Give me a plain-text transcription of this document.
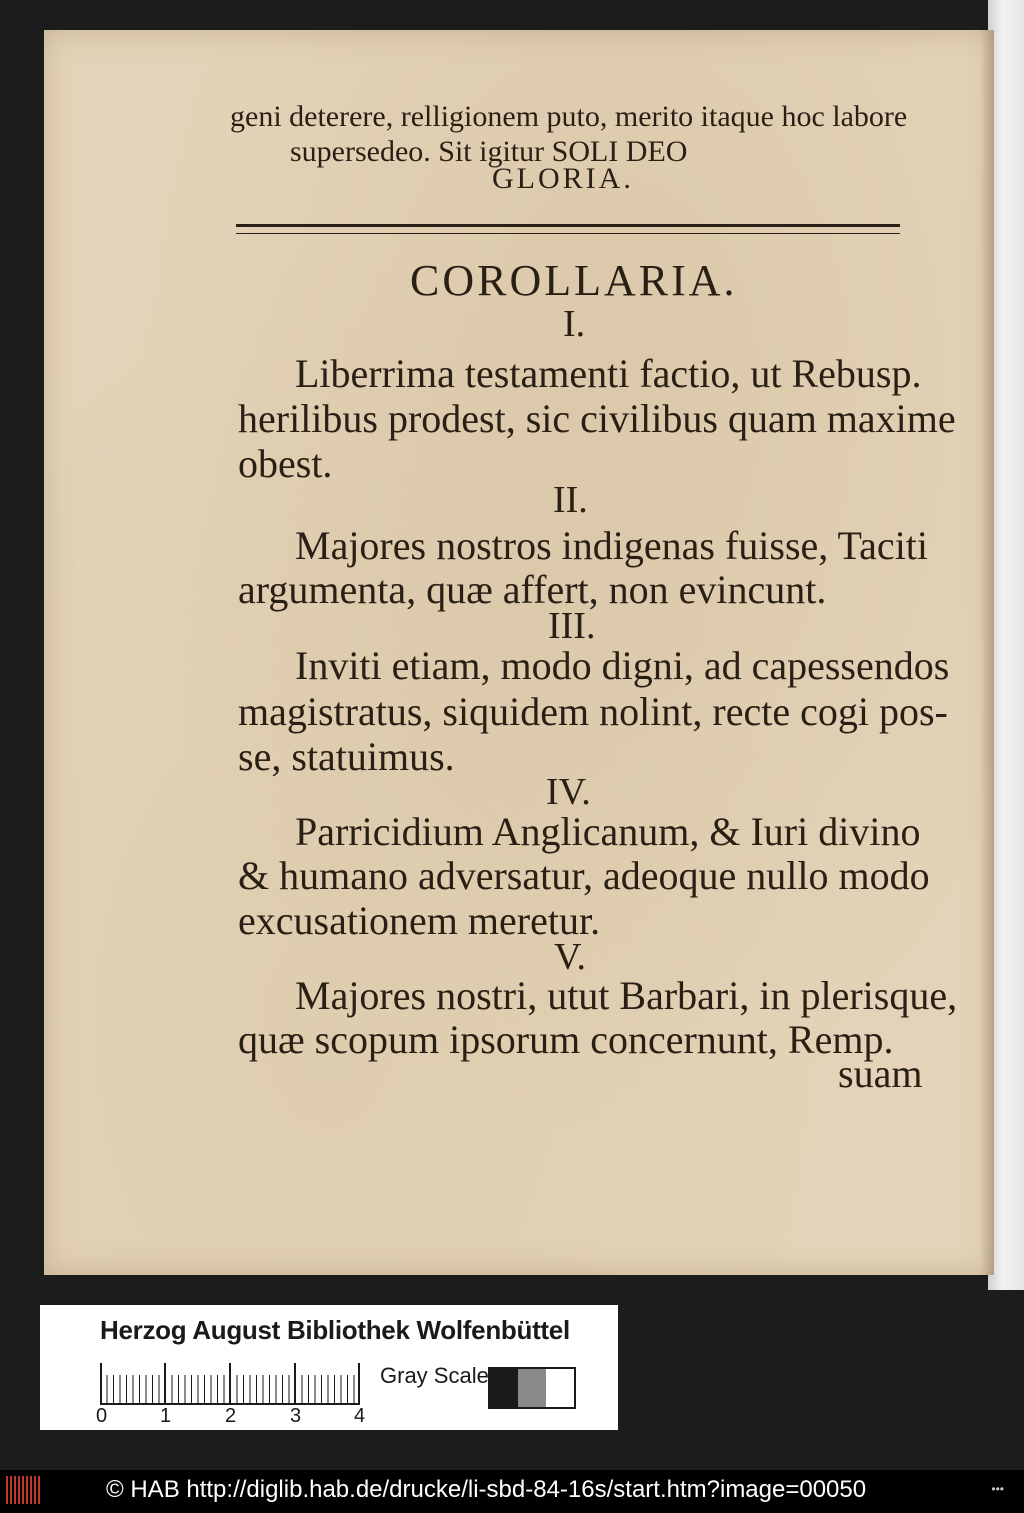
geni deterere, relligionem puto, merito itaque hoc labore
supersedeo. Sit igitur SOLI DEO
GLORIA.
COROLLARIA.
I.
Liberrima testamenti factio, ut Rebusp.
herilibus prodest, sic civilibus quam maxime
obest.
II.
Majores nostros indigenas fuisse, Taciti
argumenta, quæ affert, non evincunt.
III.
Inviti etiam, modo digni, ad capessendos
magistratus, siquidem nolint, recte cogi pos-
se, statuimus.
IV.
Parricidium Anglicanum, & Iuri divino
& humano adversatur, adeoque nullo modo
excusationem meretur.
V.
Majores nostri, utut Barbari, in plerisque,
quæ scopum ipsorum concernunt, Remp.
suam
Herzog August Bibliothek Wolfenbüttel
0	1	2	3	4
Gray Scale
© HAB http://diglib.hab.de/drucke/li-sbd-84-16s/start.htm?image=00050	•••
